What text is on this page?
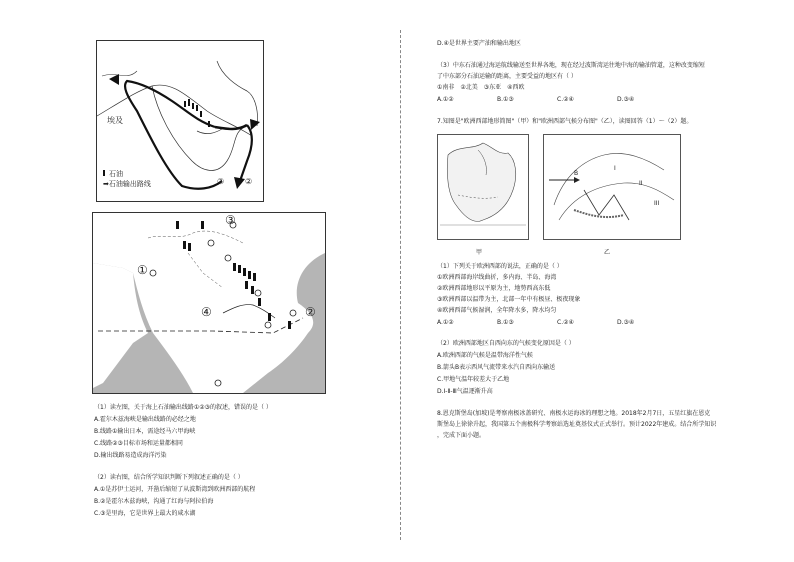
埃及
②
③
石油
➡石油输出路线
①
②
③
④
（1）读左图，关于海上石油输出线路①②③的叙述，错误的是（ ）
A.霍尔木兹海峡是输出线路的必经之地
B.线路①输出日本，需途经马六甲海峡
C.线路②③目标市场和运量都相同
D.输出线路易造成海洋污染
（2）读右图，结合所学知识判断下列叙述正确的是（ ）
A.①是苏伊士运河，开凿后缩短了从波斯湾到欧洲西部的航程
B.②是霍尔木兹海峡，沟通了红海与阿拉伯海
C.③是里海，它是世界上最大的咸水湖
D.④是世界主要产油和输出地区
（3）中东石油通过海运航线输送至世界各地，现在经过波斯湾运往地中海的输油管道，这种改变缩短
了中东部分石油运输的距离，主要受益的地区有（ ）
①南非　②北美　③东亚　④西欧
A.①②	B.①③	C.②④	D.③④
7.知图是"欧洲西部地形简图"（甲）和"欧洲西部气候分布图"（乙），读图回答（1）～（2）题。
I
II
III
B
甲	乙
（1）下列关于欧洲西部的说法，正确的是（ ）
①欧洲西部海岸线曲折，多内海、半岛、海湾
②欧洲西部地形以平原为主，地势西高东低
③欧洲西部以温带为主，北部一年中有极昼、极夜现象
④欧洲西部气候湿润，全年降水多，降水均匀
A.①②	B.①③	C.②④	D.③④
（2）欧洲西部地区自西向东的气候变化原因是（ ）
A.欧洲西部的气候是温带海洋性气候
B.箭头B表示西风气流带来水汽自西向东输送
C.甲地气温年较差大于乙地
D.Ⅰ-Ⅱ-Ⅲ气温逐渐升高
8.恩克斯堡岛(加坡)是考察南极冰盖研究、南极水运海冰的理想之地。2018年2月7日，五星红旗在恩克
斯堡岛上徐徐升起，我国第五个南极科学考察站选址奠基仪式正式举行。预计2022年建成。结合所学知识
，完成下面小题。
